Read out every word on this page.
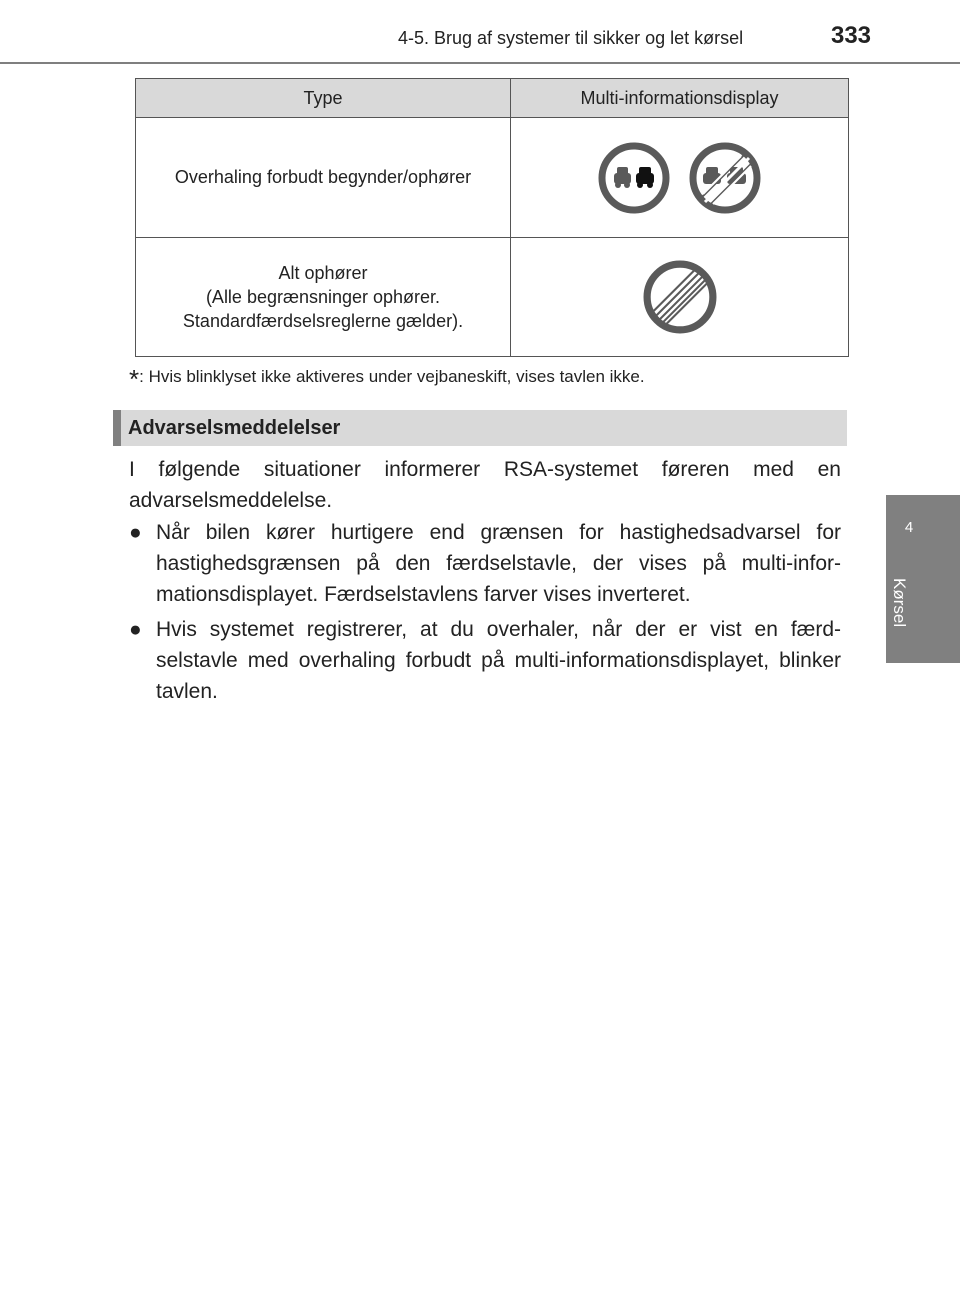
4-5. Brug af systemer til sikker og let kørsel	333
4
Kørsel
Type	Multi-informationsdisplay
Overhaling forbudt begynder/ophører	

Alt ophører
(Alle begrænsninger ophører.
Standardfærdselsreglerne gælder).

*: Hvis blinklyset ikke aktiveres under vejbaneskift, vises tavlen ikke.
Advarselsmeddelelser
I følgende situationer informerer RSA-systemet føreren med en advarselsmeddelelse.
● Når bilen kører hurtigere end grænsen for hastighedsadvarsel for hastighedsgrænsen på den færdselstavle, der vises på multi-infor-mationsdisplayet. Færdselstavlens farver vises inverteret.
● Hvis systemet registrerer, at du overhaler, når der er vist en færd-selstavle med overhaling forbudt på multi-informationsdisplayet, blinker tavlen.
